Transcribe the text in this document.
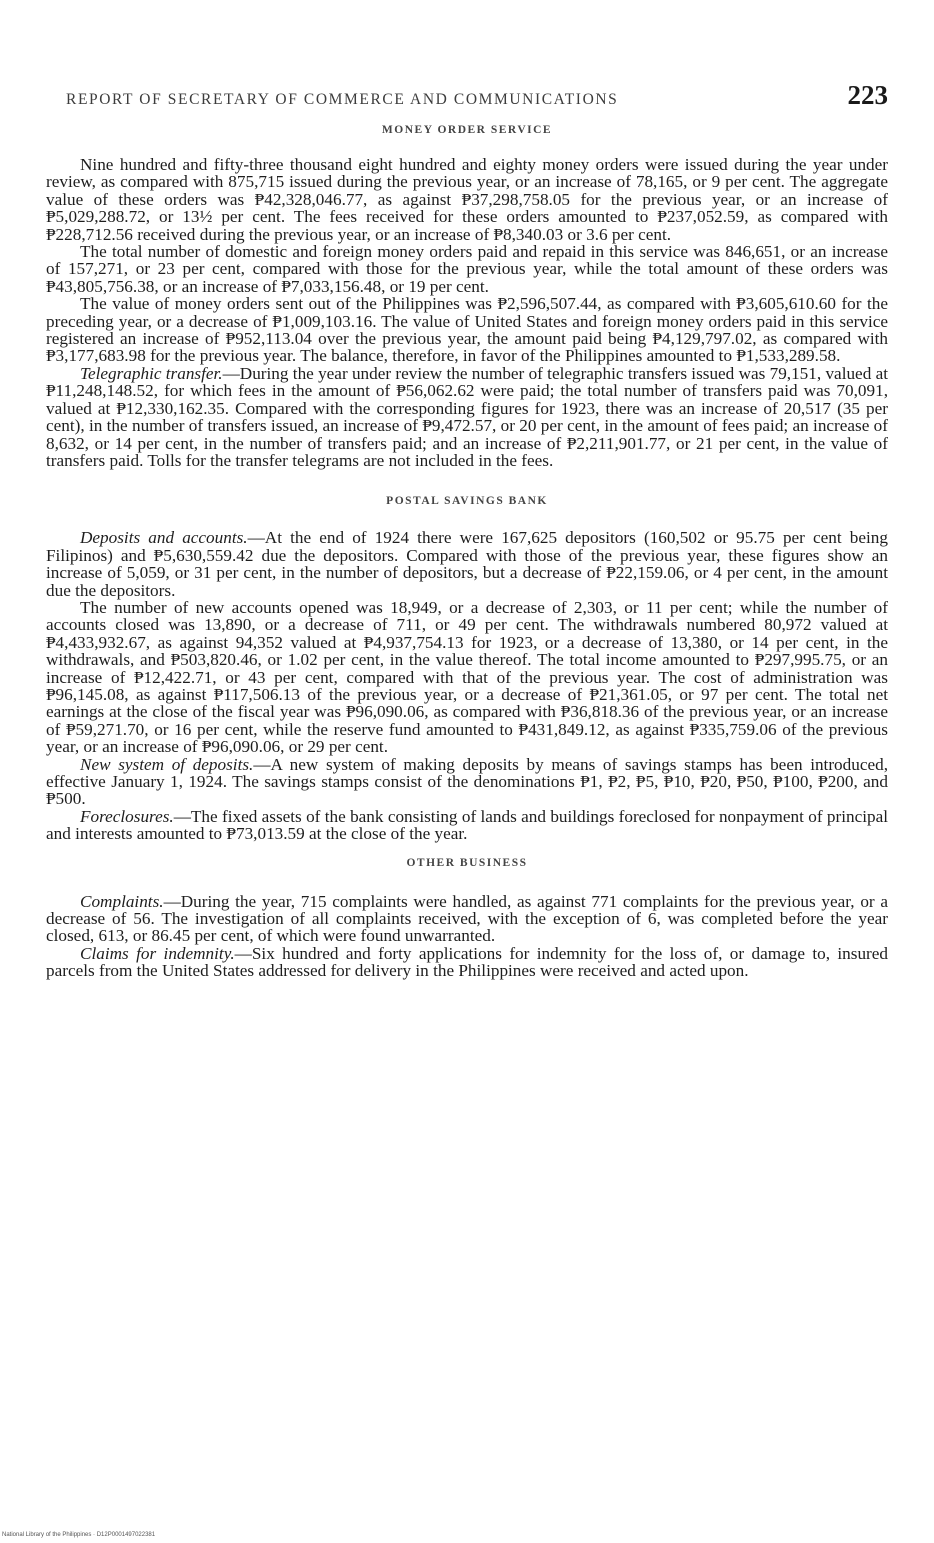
REPORT OF SECRETARY OF COMMERCE AND COMMUNICATIONS	223
MONEY ORDER SERVICE

Nine hundred and fifty-three thousand eight hundred and eighty money orders were issued during the year under review, as compared with 875,715 issued during the previous year, or an increase of 78,165, or 9 per cent. The aggregate value of these orders was ₱42,328,046.77, as against ₱37,298,758.05 for the previous year, or an increase of ₱5,029,288.72, or 13½ per cent. The fees received for these orders amounted to ₱237,052.59, as compared with ₱228,712.56 received during the previous year, or an increase of ₱8,340.03 or 3.6 per cent.

The total number of domestic and foreign money orders paid and repaid in this service was 846,651, or an increase of 157,271, or 23 per cent, compared with those for the previous year, while the total amount of these orders was ₱43,805,756.38, or an increase of ₱7,033,156.48, or 19 per cent.

The value of money orders sent out of the Philippines was ₱2,596,507.44, as compared with ₱3,605,610.60 for the preceding year, or a decrease of ₱1,009,103.16. The value of United States and foreign money orders paid in this service registered an increase of ₱952,113.04 over the previous year, the amount paid being ₱4,129,797.02, as compared with ₱3,177,683.98 for the previous year. The balance, therefore, in favor of the Philippines amounted to ₱1,533,289.58.

Telegraphic transfer.—During the year under review the number of telegraphic transfers issued was 79,151, valued at ₱11,248,148.52, for which fees in the amount of ₱56,062.62 were paid; the total number of transfers paid was 70,091, valued at ₱12,330,162.35. Compared with the corresponding figures for 1923, there was an increase of 20,517 (35 per cent), in the number of transfers issued, an increase of ₱9,472.57, or 20 per cent, in the amount of fees paid; an increase of 8,632, or 14 per cent, in the number of transfers paid; and an increase of ₱2,211,901.77, or 21 per cent, in the value of transfers paid. Tolls for the transfer telegrams are not included in the fees.

POSTAL SAVINGS BANK

Deposits and accounts.—At the end of 1924 there were 167,625 depositors (160,502 or 95.75 per cent being Filipinos) and ₱5,630,559.42 due the depositors. Compared with those of the previous year, these figures show an increase of 5,059, or 31 per cent, in the number of depositors, but a decrease of ₱22,159.06, or 4 per cent, in the amount due the depositors.

The number of new accounts opened was 18,949, or a decrease of 2,303, or 11 per cent; while the number of accounts closed was 13,890, or a decrease of 711, or 49 per cent. The withdrawals numbered 80,972 valued at ₱4,433,932.67, as against 94,352 valued at ₱4,937,754.13 for 1923, or a decrease of 13,380, or 14 per cent, in the withdrawals, and ₱503,820.46, or 1.02 per cent, in the value thereof. The total income amounted to ₱297,995.75, or an increase of ₱12,422.71, or 43 per cent, compared with that of the previous year. The cost of administration was ₱96,145.08, as against ₱117,506.13 of the previous year, or a decrease of ₱21,361.05, or 97 per cent. The total net earnings at the close of the fiscal year was ₱96,090.06, as compared with ₱36,818.36 of the previous year, or an increase of ₱59,271.70, or 16 per cent, while the reserve fund amounted to ₱431,849.12, as against ₱335,759.06 of the previous year, or an increase of ₱96,090.06, or 29 per cent.

New system of deposits.—A new system of making deposits by means of savings stamps has been introduced, effective January 1, 1924. The savings stamps consist of the denominations ₱1, ₱2, ₱5, ₱10, ₱20, ₱50, ₱100, ₱200, and ₱500.

Foreclosures.—The fixed assets of the bank consisting of lands and buildings foreclosed for nonpayment of principal and interests amounted to ₱73,013.59 at the close of the year.

OTHER BUSINESS

Complaints.—During the year, 715 complaints were handled, as against 771 complaints for the previous year, or a decrease of 56. The investigation of all complaints received, with the exception of 6, was completed before the year closed, 613, or 86.45 per cent, of which were found unwarranted.

Claims for indemnity.—Six hundred and forty applications for indemnity for the loss of, or damage to, insured parcels from the United States addressed for delivery in the Philippines were received and acted upon.

National Library of the Philippines · D12P0001497022381
